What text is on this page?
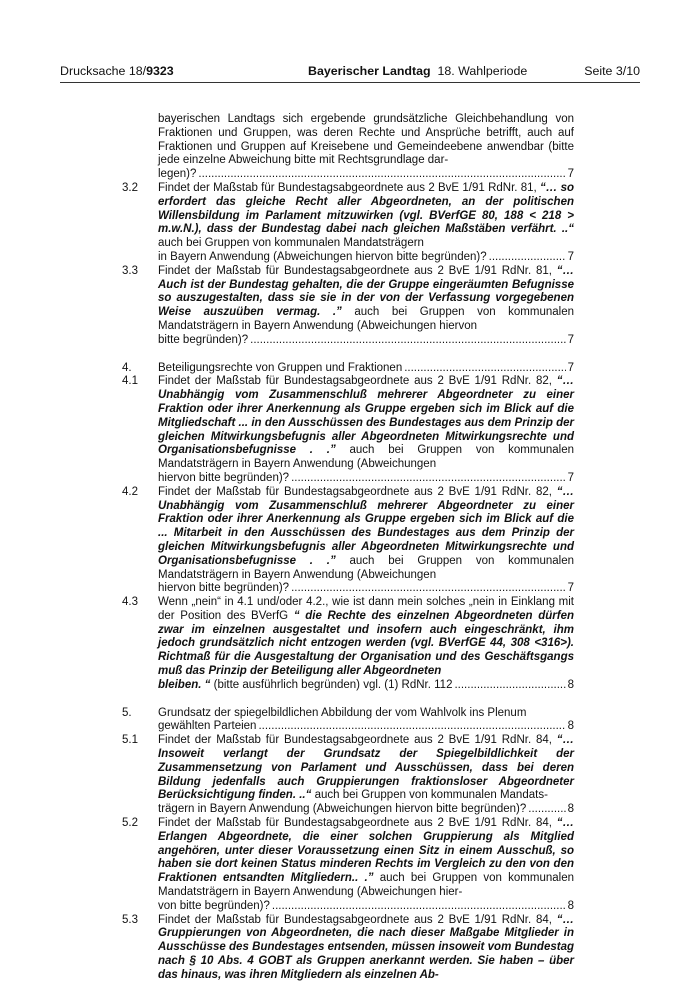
Drucksache 18/9323	Bayerischer Landtag 18. Wahlperiode	Seite 3/10
bayerischen Landtags sich ergebende grundsätzliche Gleichbehandlung von Fraktionen und Gruppen, was deren Rechte und Ansprüche betrifft, auch auf Fraktionen und Gruppen auf Kreisebene und Gemeindeebene anwendbar (bitte jede einzelne Abweichung bitte mit Rechtsgrundlage dar-
legen)? .....	7
3.2 Findet der Maßstab für Bundestagsabgeordnete aus 2 BvE 1/91 RdNr. 81, “… so erfordert das gleiche Recht aller Abgeordneten, an der politischen Willensbildung im Parlament mitzuwirken (vgl. BVerfGE 80, 188 < 218 > m.w.N.), dass der Bundestag dabei nach gleichen Maßstäben verfährt. ..“ auch bei Gruppen von kommunalen Mandatsträgern
in Bayern Anwendung (Abweichungen hiervon bitte begründen)? .....	7
3.3 Findet der Maßstab für Bundestagsabgeordnete aus 2 BvE 1/91 RdNr. 81, “… Auch ist der Bundestag gehalten, die der Gruppe eingeräumten Befugnisse so auszugestalten, dass sie sie in der von der Verfassung vorgegebenen Weise auszuüben vermag. .” auch bei Gruppen von kommunalen Mandatsträgern in Bayern Anwendung (Abweichungen hiervon
bitte begründen)? .....	7
4. Beteiligungsrechte von Gruppen und Fraktionen .....	7
4.1 Findet der Maßstab für Bundestagsabgeordnete aus 2 BvE 1/91 RdNr. 82, “… Unabhängig vom Zusammenschluß mehrerer Abgeordneter zu einer Fraktion oder ihrer Anerkennung als Gruppe ergeben sich im Blick auf die Mitgliedschaft ... in den Ausschüssen des Bundestages aus dem Prinzip der gleichen Mitwirkungsbefugnis aller Abgeordneten Mitwirkungsrechte und Organisationsbefugnisse . .” auch bei Gruppen von kommunalen Mandatsträgern in Bayern Anwendung (Abweichungen
hiervon bitte begründen)? .....	7
4.2 Findet der Maßstab für Bundestagsabgeordnete aus 2 BvE 1/91 RdNr. 82, “… Unabhängig vom Zusammenschluß mehrerer Abgeordneter zu einer Fraktion oder ihrer Anerkennung als Gruppe ergeben sich im Blick auf die ... Mitarbeit in den Ausschüssen des Bundestages aus dem Prinzip der gleichen Mitwirkungsbefugnis aller Abgeordneten Mitwirkungsrechte und Organisationsbefugnisse . .” auch bei Gruppen von kommunalen Mandatsträgern in Bayern Anwendung (Abweichungen
hiervon bitte begründen)? .....	7
4.3 Wenn „nein“ in 4.1 und/oder 4.2., wie ist dann mein solches „nein in Einklang mit der Position des BVerfG “ die Rechte des einzelnen Abgeordneten dürfen zwar im einzelnen ausgestaltet und insofern auch eingeschränkt, ihm jedoch grundsätzlich nicht entzogen werden (vgl. BVerfGE 44, 308 <316>). Richtmaß für die Ausgestaltung der Organisation und des Geschäftsgangs muß das Prinzip der Beteiligung aller Abgeordneten
bleiben. “ (bitte ausführlich begründen) vgl. (1) RdNr. 112 .....	8
5. Grundsatz der spiegelbildlichen Abbildung der vom Wahlvolk ins Plenum
gewählten Parteien .....	8
5.1 Findet der Maßstab für Bundestagsabgeordnete aus 2 BvE 1/91 RdNr. 84, “… Insoweit verlangt der Grundsatz der Spiegelbildlichkeit der Zusammensetzung von Parlament und Ausschüssen, dass bei deren Bildung jedenfalls auch Gruppierungen fraktionsloser Abgeordneter Berücksichtigung finden. ..“ auch bei Gruppen von kommunalen Mandats-
trägern in Bayern Anwendung (Abweichungen hiervon bitte begründen)? .....	8
5.2 Findet der Maßstab für Bundestagsabgeordnete aus 2 BvE 1/91 RdNr. 84, “… Erlangen Abgeordnete, die einer solchen Gruppierung als Mitglied angehören, unter dieser Voraussetzung einen Sitz in einem Ausschuß, so haben sie dort keinen Status minderen Rechts im Vergleich zu den von den Fraktionen entsandten Mitgliedern.. .” auch bei Gruppen von kommunalen Mandatsträgern in Bayern Anwendung (Abweichungen hier-
von bitte begründen)? .....	8
5.3 Findet der Maßstab für Bundestagsabgeordnete aus 2 BvE 1/91 RdNr. 84, “… Gruppierungen von Abgeordneten, die nach dieser Maßgabe Mitglieder in Ausschüsse des Bundestages entsenden, müssen insoweit vom Bundestag nach § 10 Abs. 4 GOBT als Gruppen anerkannt werden. Sie haben – über das hinaus, was ihren Mitgliedern als einzelnen Ab-
